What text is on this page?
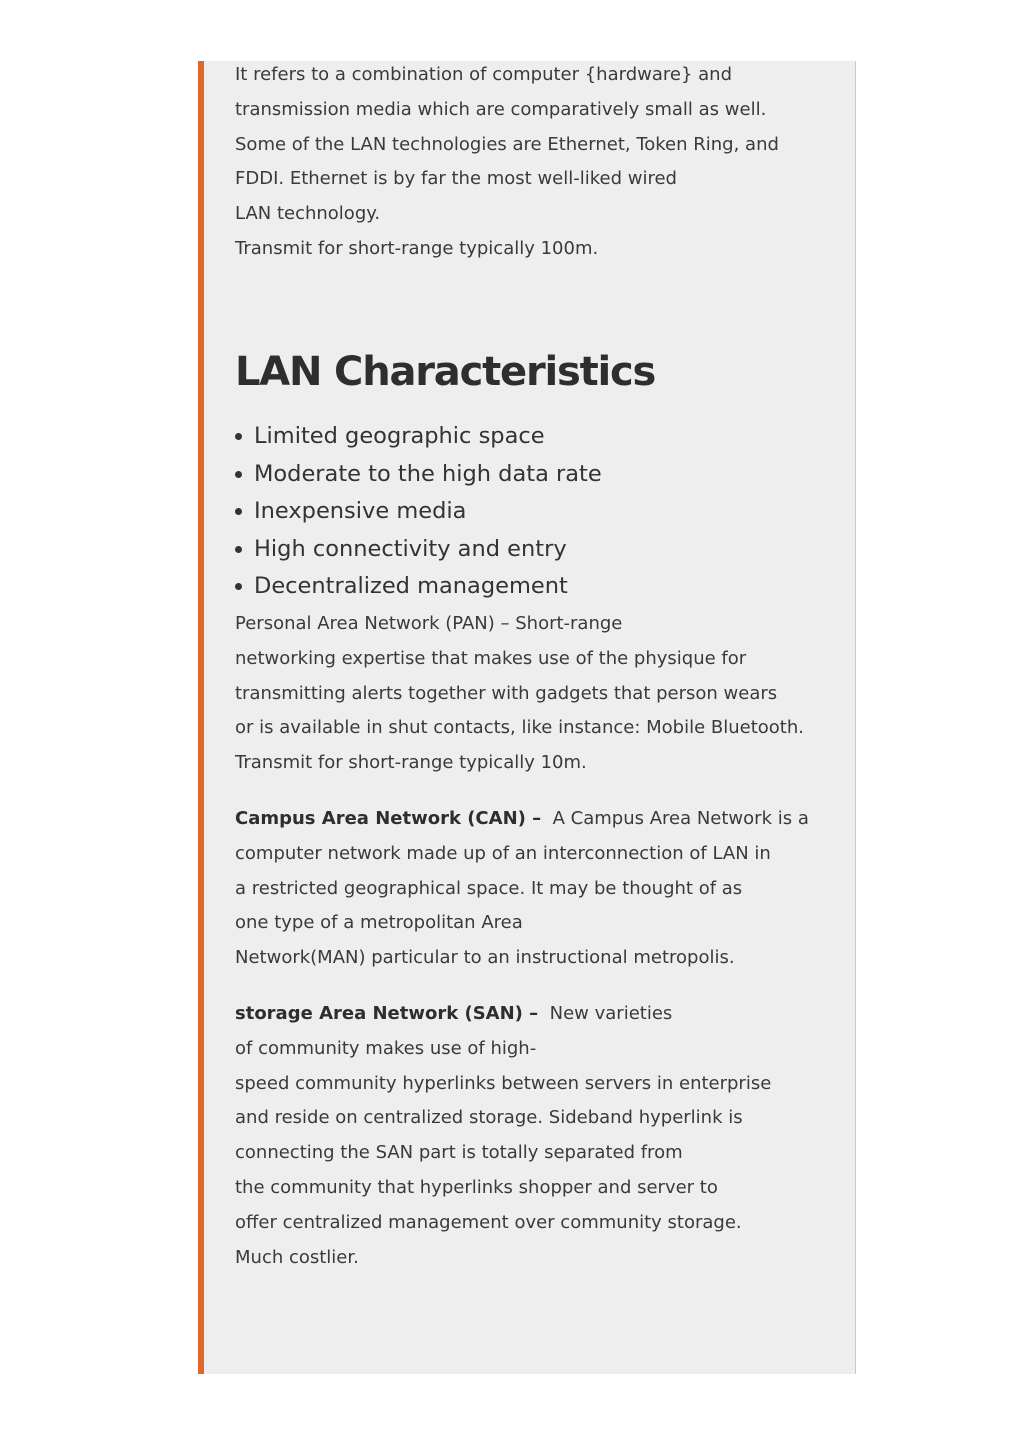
It refers to a combination of computer {hardware} and
transmission media which are comparatively small as well.
Some of the LAN technologies are Ethernet, Token Ring, and
FDDI. Ethernet is by far the most well-liked wired
LAN technology.
Transmit for short-range typically 100m.

LAN Characteristics
Limited geographic space
Moderate to the high data rate
Inexpensive media
High connectivity and entry
Decentralized management

Personal Area Network (PAN) – Short-range
networking expertise that makes use of the physique for
transmitting alerts together with gadgets that person wears
or is available in shut contacts, like instance: Mobile Bluetooth.
Transmit for short-range typically 10m.

Campus Area Network (CAN) – A Campus Area Network is a
computer network made up of an interconnection of LAN in
a restricted geographical space. It may be thought of as
one type of a metropolitan Area
Network(MAN) particular to an instructional metropolis.

storage Area Network (SAN) – New varieties
of community makes use of high-
speed community hyperlinks between servers in enterprise
and reside on centralized storage. Sideband hyperlink is
connecting the SAN part is totally separated from
the community that hyperlinks shopper and server to
offer centralized management over community storage.
Much costlier.
